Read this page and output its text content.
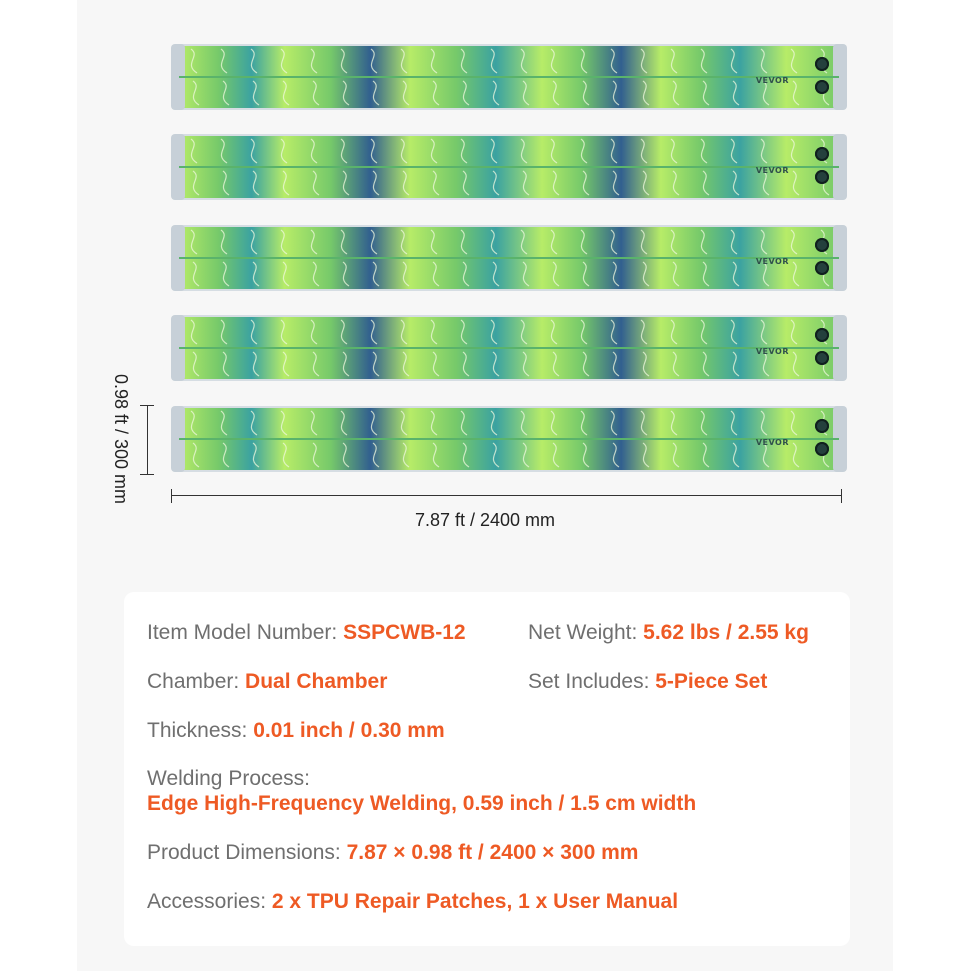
VEVOR
VEVOR
VEVOR
VEVOR
VEVOR
7.87 ft / 2400 mm
0.98 ft / 300 mm
Item Model Number: SSPCWB-12	Net Weight: 5.62 lbs / 2.55 kg
Chamber: Dual Chamber	Set Includes: 5-Piece Set
Thickness: 0.01 inch / 0.30 mm
Welding Process:
Edge High-Frequency Welding, 0.59 inch / 1.5 cm width
Product Dimensions: 7.87 × 0.98 ft / 2400 × 300 mm
Accessories: 2 x TPU Repair Patches, 1 x User Manual
